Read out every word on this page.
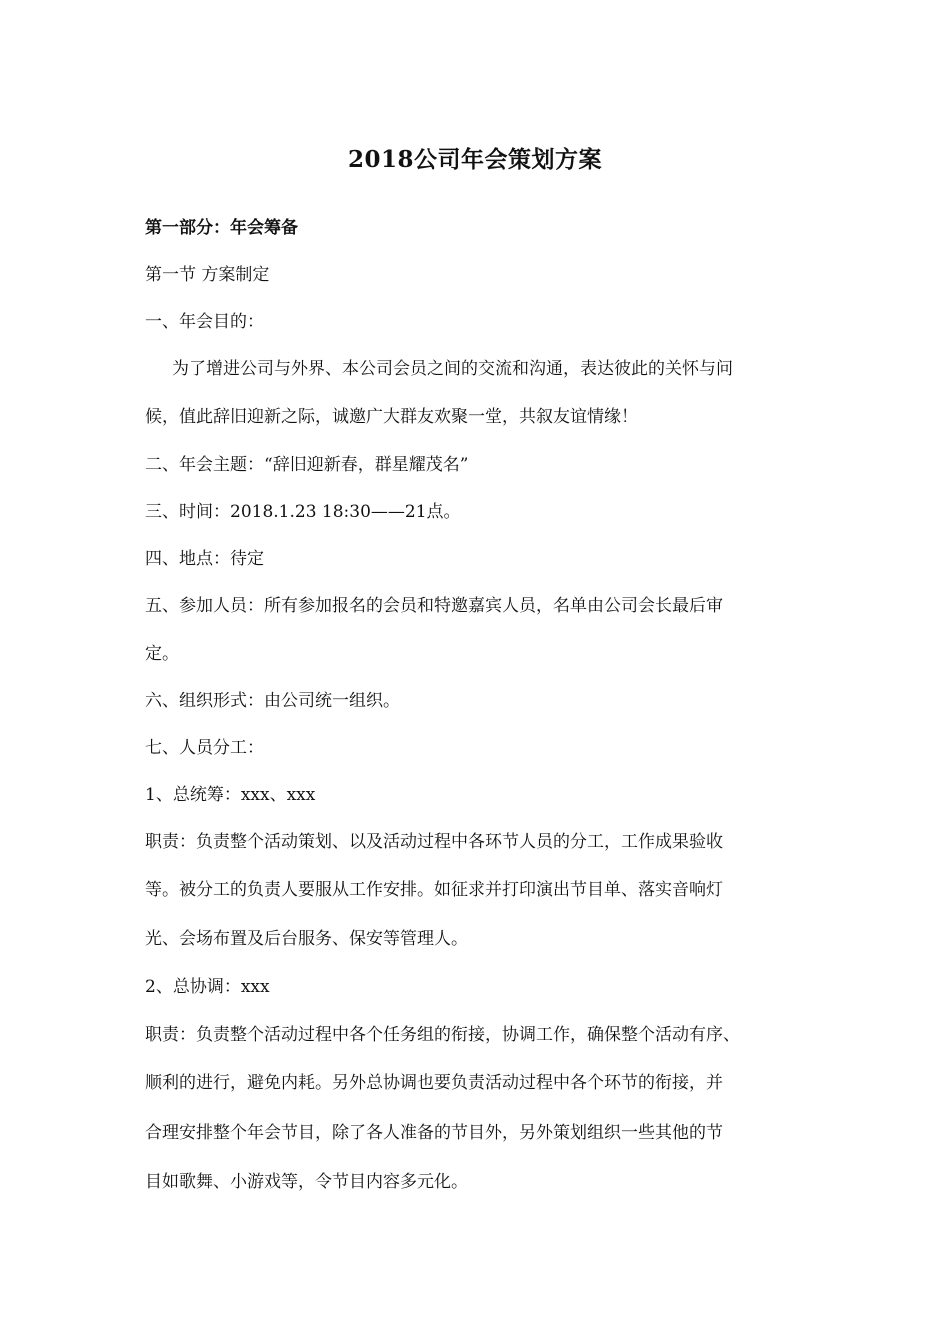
2018公司年会策划方案
第一部分：年会筹备
第一节 方案制定
一、年会目的：
为了增进公司与外界、本公司会员之间的交流和沟通，表达彼此的关怀与问
候，值此辞旧迎新之际，诚邀广大群友欢聚一堂，共叙友谊情缘！
二、年会主题：“辞旧迎新春，群星耀茂名”
三、时间：2018.1.23 18:30——21点。
四、地点：待定
五、参加人员：所有参加报名的会员和特邀嘉宾人员，名单由公司会长最后审
定。
六、组织形式：由公司统一组织。
七、人员分工：
1、总统筹：xxx、xxx
职责：负责整个活动策划、以及活动过程中各环节人员的分工，工作成果验收
等。被分工的负责人要服从工作安排。如征求并打印演出节目单、落实音响灯
光、会场布置及后台服务、保安等管理人。
2、总协调：xxx
职责：负责整个活动过程中各个任务组的衔接，协调工作，确保整个活动有序、
顺利的进行，避免内耗。另外总协调也要负责活动过程中各个环节的衔接，并
合理安排整个年会节目，除了各人准备的节目外，另外策划组织一些其他的节
目如歌舞、小游戏等，令节目内容多元化。
